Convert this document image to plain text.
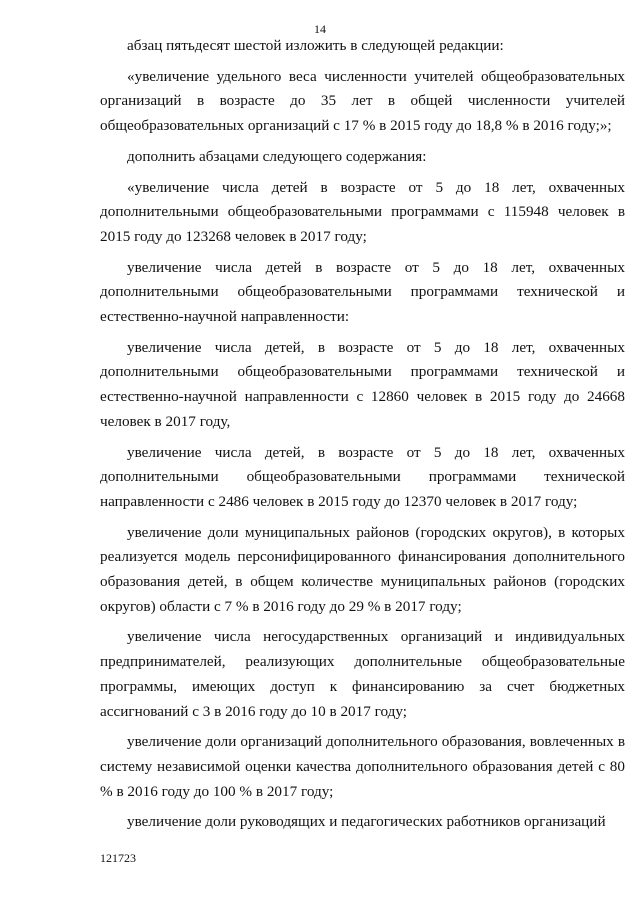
14

абзац пятьдесят шестой изложить в следующей редакции:

«увеличение удельного веса численности учителей общеобразовательных организаций в возрасте до 35 лет в общей численности учителей общеобразовательных организаций с 17 % в 2015 году до 18,8 % в 2016 году;»;

дополнить абзацами следующего содержания:

«увеличение числа детей в возрасте от 5 до 18 лет, охваченных дополнительными общеобразовательными программами с 115948 человек в 2015 году до 123268 человек в 2017 году;

увеличение числа детей в возрасте от 5 до 18 лет, охваченных дополнительными общеобразовательными программами технической и естественно-научной направленности:

увеличение числа детей, в возрасте от 5 до 18 лет, охваченных дополнительными общеобразовательными программами технической и естественно-научной направленности с 12860 человек в 2015 году до 24668 человек в 2017 году,

увеличение числа детей, в возрасте от 5 до 18 лет, охваченных дополнительными общеобразовательными программами технической направленности с 2486 человек в 2015 году до 12370 человек в 2017 году;

увеличение доли муниципальных районов (городских округов), в которых реализуется модель персонифицированного финансирования дополнительного образования детей, в общем количестве муниципальных районов (городских округов) области с 7 % в 2016 году до 29 % в 2017 году;

увеличение числа негосударственных организаций и индивидуальных предпринимателей, реализующих дополнительные общеобразовательные программы, имеющих доступ к финансированию за счет бюджетных ассигнований с 3 в 2016 году до 10 в 2017 году;

увеличение доли организаций дополнительного образования, вовлеченных в систему независимой оценки качества дополнительного образования детей с 80 % в 2016 году до 100 % в 2017 году;

увеличение доли руководящих и педагогических работников организаций

121723
